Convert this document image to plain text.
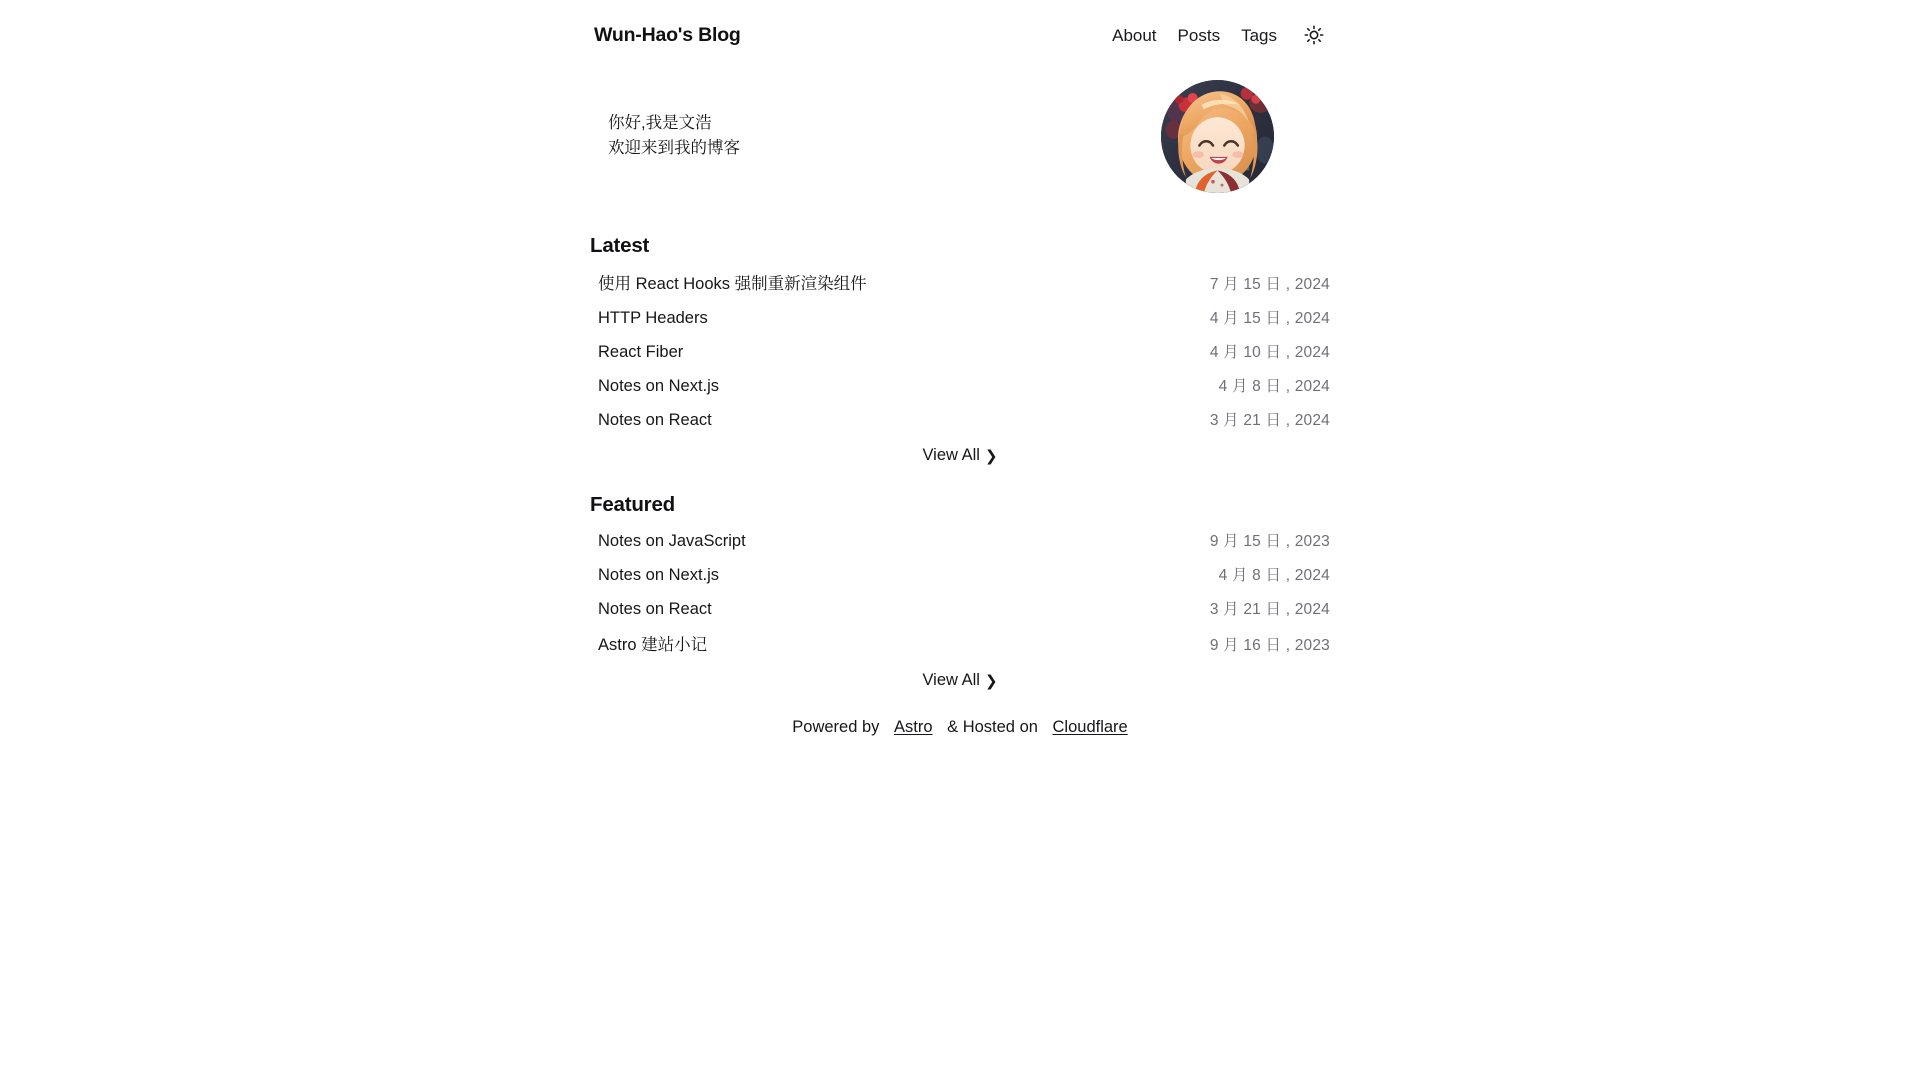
Wun-Hao's Blog	About Posts Tags
你好,我是文浩
欢迎来到我的博客
Latest
使用 React Hooks 强制重新渲染组件	7 月 15 日 , 2024
HTTP Headers	4 月 15 日 , 2024
React Fiber	4 月 10 日 , 2024
Notes on Next.js	4 月 8 日 , 2024
Notes on React	3 月 21 日 , 2024
View All ❯
Featured
Notes on JavaScript	9 月 15 日 , 2023
Notes on Next.js	4 月 8 日 , 2024
Notes on React	3 月 21 日 , 2024
Astro 建站小记	9 月 16 日 , 2023
View All ❯
Powered by
Astro
& Hosted on
Cloudflare
